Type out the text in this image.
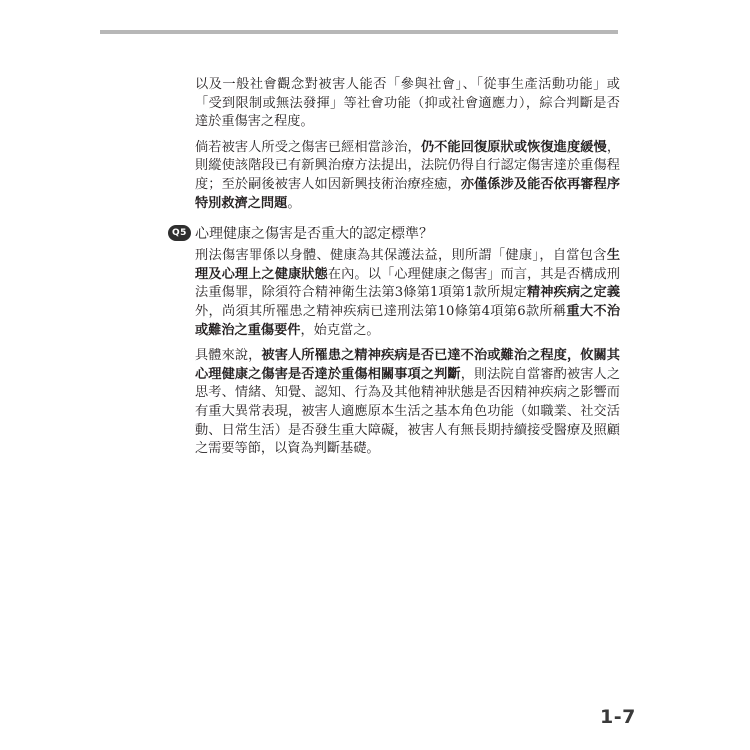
以及一般社會觀念對被害人能否「參與社會」、「從事生產活動功能」或「受到限制或無法發揮」等社會功能（抑或社會適應力），綜合判斷是否達於重傷害之程度。

倘若被害人所受之傷害已經相當診治，仍不能回復原狀或恢復進度緩慢，則縱使該階段已有新興治療方法提出，法院仍得自行認定傷害達於重傷程度；至於嗣後被害人如因新興技術治療痊癒，亦僅係涉及能否依再審程序特別救濟之問題。

Q5 心理健康之傷害是否重大的認定標準？

刑法傷害罪係以身體、健康為其保護法益，則所謂「健康」，自當包含生理及心理上之健康狀態在內。以「心理健康之傷害」而言，其是否構成刑法重傷罪，除須符合精神衛生法第3條第1項第1款所規定精神疾病之定義外，尚須其所罹患之精神疾病已達刑法第10條第4項第6款所稱重大不治或難治之重傷要件，始克當之。

具體來說，被害人所罹患之精神疾病是否已達不治或難治之程度，攸關其心理健康之傷害是否達於重傷相關事項之判斷，則法院自當審酌被害人之思考、情緒、知覺、認知、行為及其他精神狀態是否因精神疾病之影響而有重大異常表現，被害人適應原本生活之基本角色功能（如職業、社交活動、日常生活）是否發生重大障礙，被害人有無長期持續接受醫療及照顧之需要等節，以資為判斷基礎。

1-7
